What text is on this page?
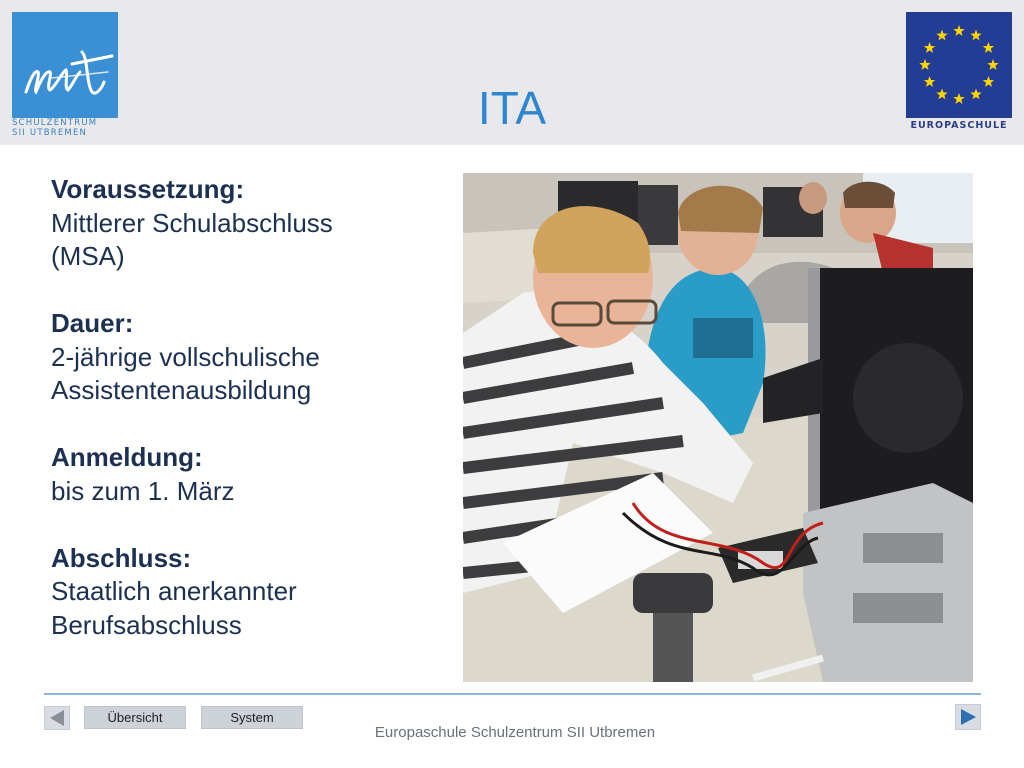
SCHULZENTRUM
SII UTBREMEN	ITA	EUROPASCHULE
Voraussetzung:
Mittlerer Schulabschluss
(MSA)
Dauer:
2-jährige vollschulische
Assistentenausbildung
Anmeldung:
bis zum 1. März
Abschluss:
Staatlich anerkannter
Berufsabschluss
Übersicht	System
Europaschule Schulzentrum SII Utbremen
